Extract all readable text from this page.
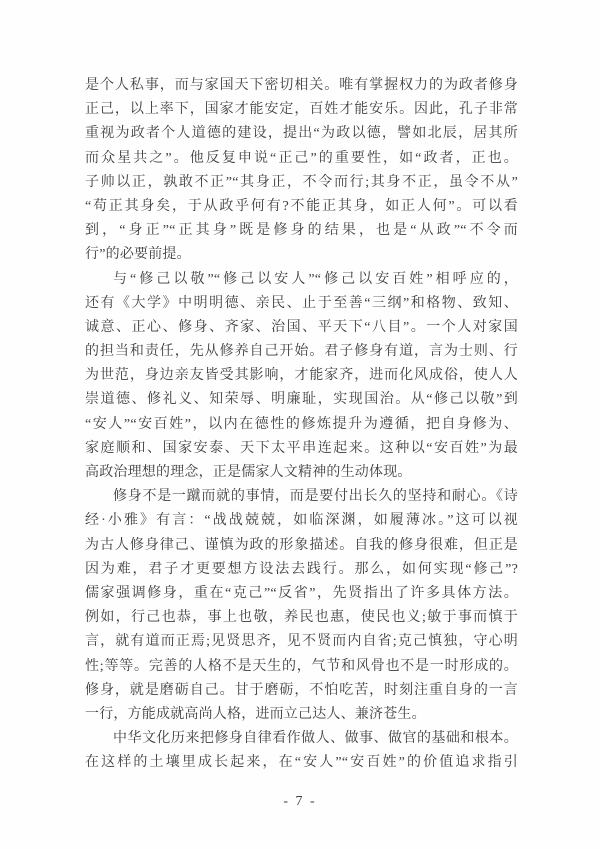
是个人私事，而与家国天下密切相关。唯有掌握权力的为政者修身
正己，以上率下，国家才能安定，百姓才能安乐。因此，孔子非常
重视为政者个人道德的建设，提出“为政以德，譬如北辰，居其所
而众星共之”。他反复申说“正己”的重要性，如“政者，正也。
子帅以正，孰敢不正”“其身正，不令而行;其身不正，虽令不从”
“苟正其身矣，于从政乎何有?不能正其身，如正人何”。可以看
到，“身正”“正其身”既是修身的结果，也是“从政”“不令而
行”的必要前提。
与“修己以敬”“修己以安人”“修己以安百姓”相呼应的，
还有《大学》中明明德、亲民、止于至善“三纲”和格物、致知、
诚意、正心、修身、齐家、治国、平天下“八目”。一个人对家国
的担当和责任，先从修养自己开始。君子修身有道，言为士则、行
为世范，身边亲友皆受其影响，才能家齐，进而化风成俗，使人人
崇道德、修礼义、知荣辱、明廉耻，实现国治。从“修己以敬”到
“安人”“安百姓”，以内在德性的修炼提升为遵循，把自身修为、
家庭顺和、国家安泰、天下太平串连起来。这种以“安百姓”为最
高政治理想的理念，正是儒家人文精神的生动体现。
修身不是一蹴而就的事情，而是要付出长久的坚持和耐心。《诗
经·小雅》有言：“战战兢兢，如临深渊，如履薄冰。”这可以视
为古人修身律己、谨慎为政的形象描述。自我的修身很难，但正是
因为难，君子才更要想方设法去践行。那么，如何实现“修己”?
儒家强调修身，重在“克己”“反省”，先贤指出了许多具体方法。
例如，行己也恭，事上也敬，养民也惠，使民也义;敏于事而慎于
言，就有道而正焉;见贤思齐，见不贤而内自省;克己慎独，守心明
性;等等。完善的人格不是天生的，气节和风骨也不是一时形成的。
修身，就是磨砺自己。甘于磨砺，不怕吃苦，时刻注重自身的一言
一行，方能成就高尚人格，进而立己达人、兼济苍生。
中华文化历来把修身自律看作做人、做事、做官的基础和根本。
在这样的土壤里成长起来，在“安人”“安百姓”的价值追求指引
- 7 -
